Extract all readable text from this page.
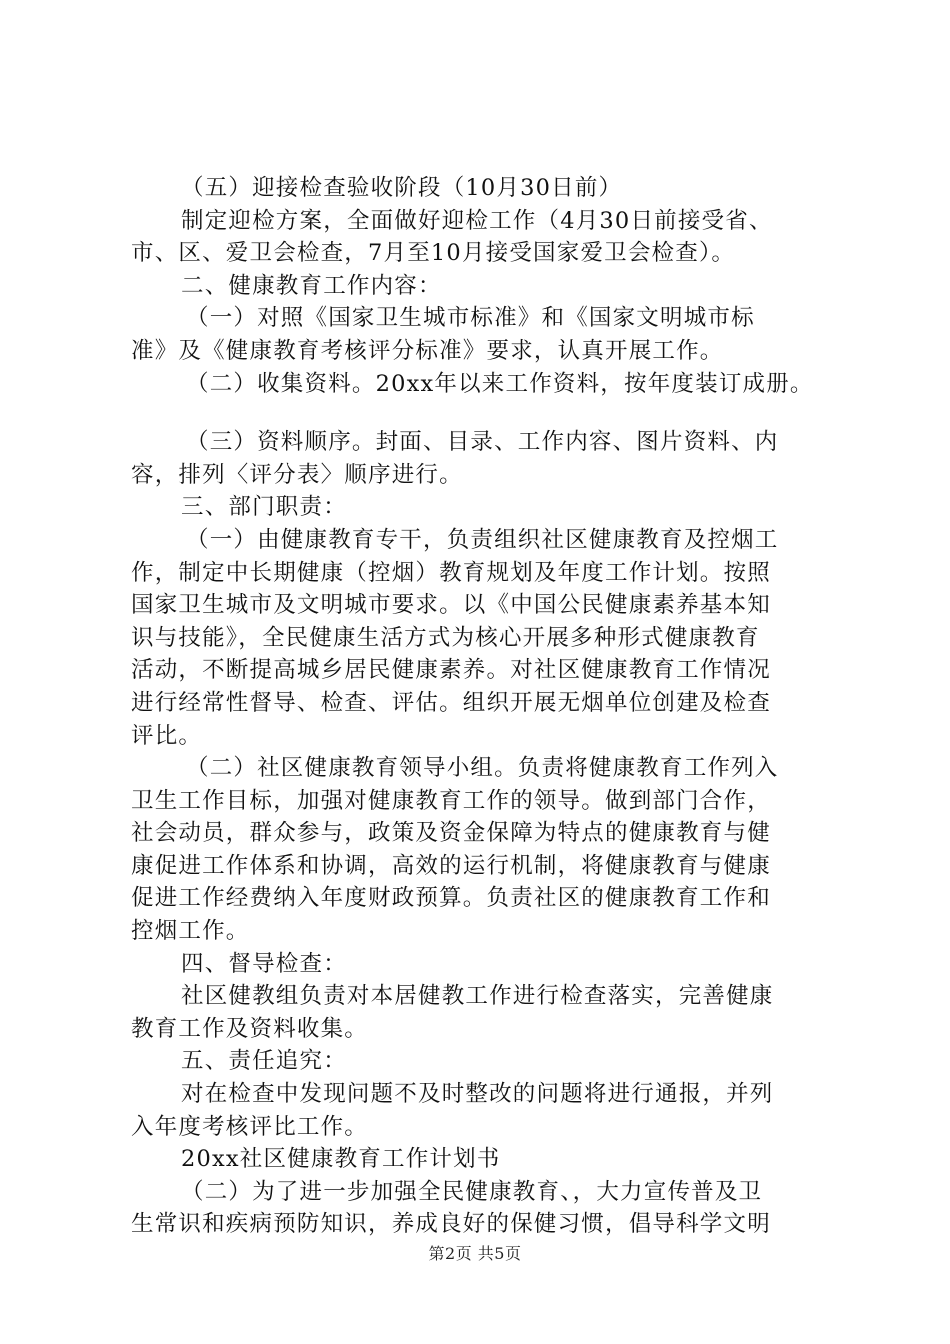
（五）迎接检查验收阶段（10月30日前）

制定迎检方案，全面做好迎检工作（4月30日前接受省、

市、区、爱卫会检查，7月至10月接受国家爱卫会检查）。

二、健康教育工作内容：

（一）对照《国家卫生城市标准》和《国家文明城市标

准》及《健康教育考核评分标准》要求，认真开展工作。

（二）收集资料。20xx年以来工作资料，按年度装订成册。

（三）资料顺序。封面、目录、工作内容、图片资料、内

容，排列〈评分表〉顺序进行。

三、部门职责：

（一）由健康教育专干，负责组织社区健康教育及控烟工

作，制定中长期健康（控烟）教育规划及年度工作计划。按照

国家卫生城市及文明城市要求。以《中国公民健康素养基本知

识与技能》，全民健康生活方式为核心开展多种形式健康教育

活动，不断提高城乡居民健康素养。对社区健康教育工作情况

进行经常性督导、检查、评估。组织开展无烟单位创建及检查

评比。

（二）社区健康教育领导小组。负责将健康教育工作列入

卫生工作目标，加强对健康教育工作的领导。做到部门合作，

社会动员，群众参与，政策及资金保障为特点的健康教育与健

康促进工作体系和协调，高效的运行机制，将健康教育与健康

促进工作经费纳入年度财政预算。负责社区的健康教育工作和

控烟工作。

四、督导检查：

社区健教组负责对本居健教工作进行检查落实，完善健康

教育工作及资料收集。

五、责任追究：

对在检查中发现问题不及时整改的问题将进行通报，并列

入年度考核评比工作。

20xx社区健康教育工作计划书

（二）为了进一步加强全民健康教育、，大力宣传普及卫

生常识和疾病预防知识，养成良好的保健习惯，倡导科学文明

第2页 共5页
